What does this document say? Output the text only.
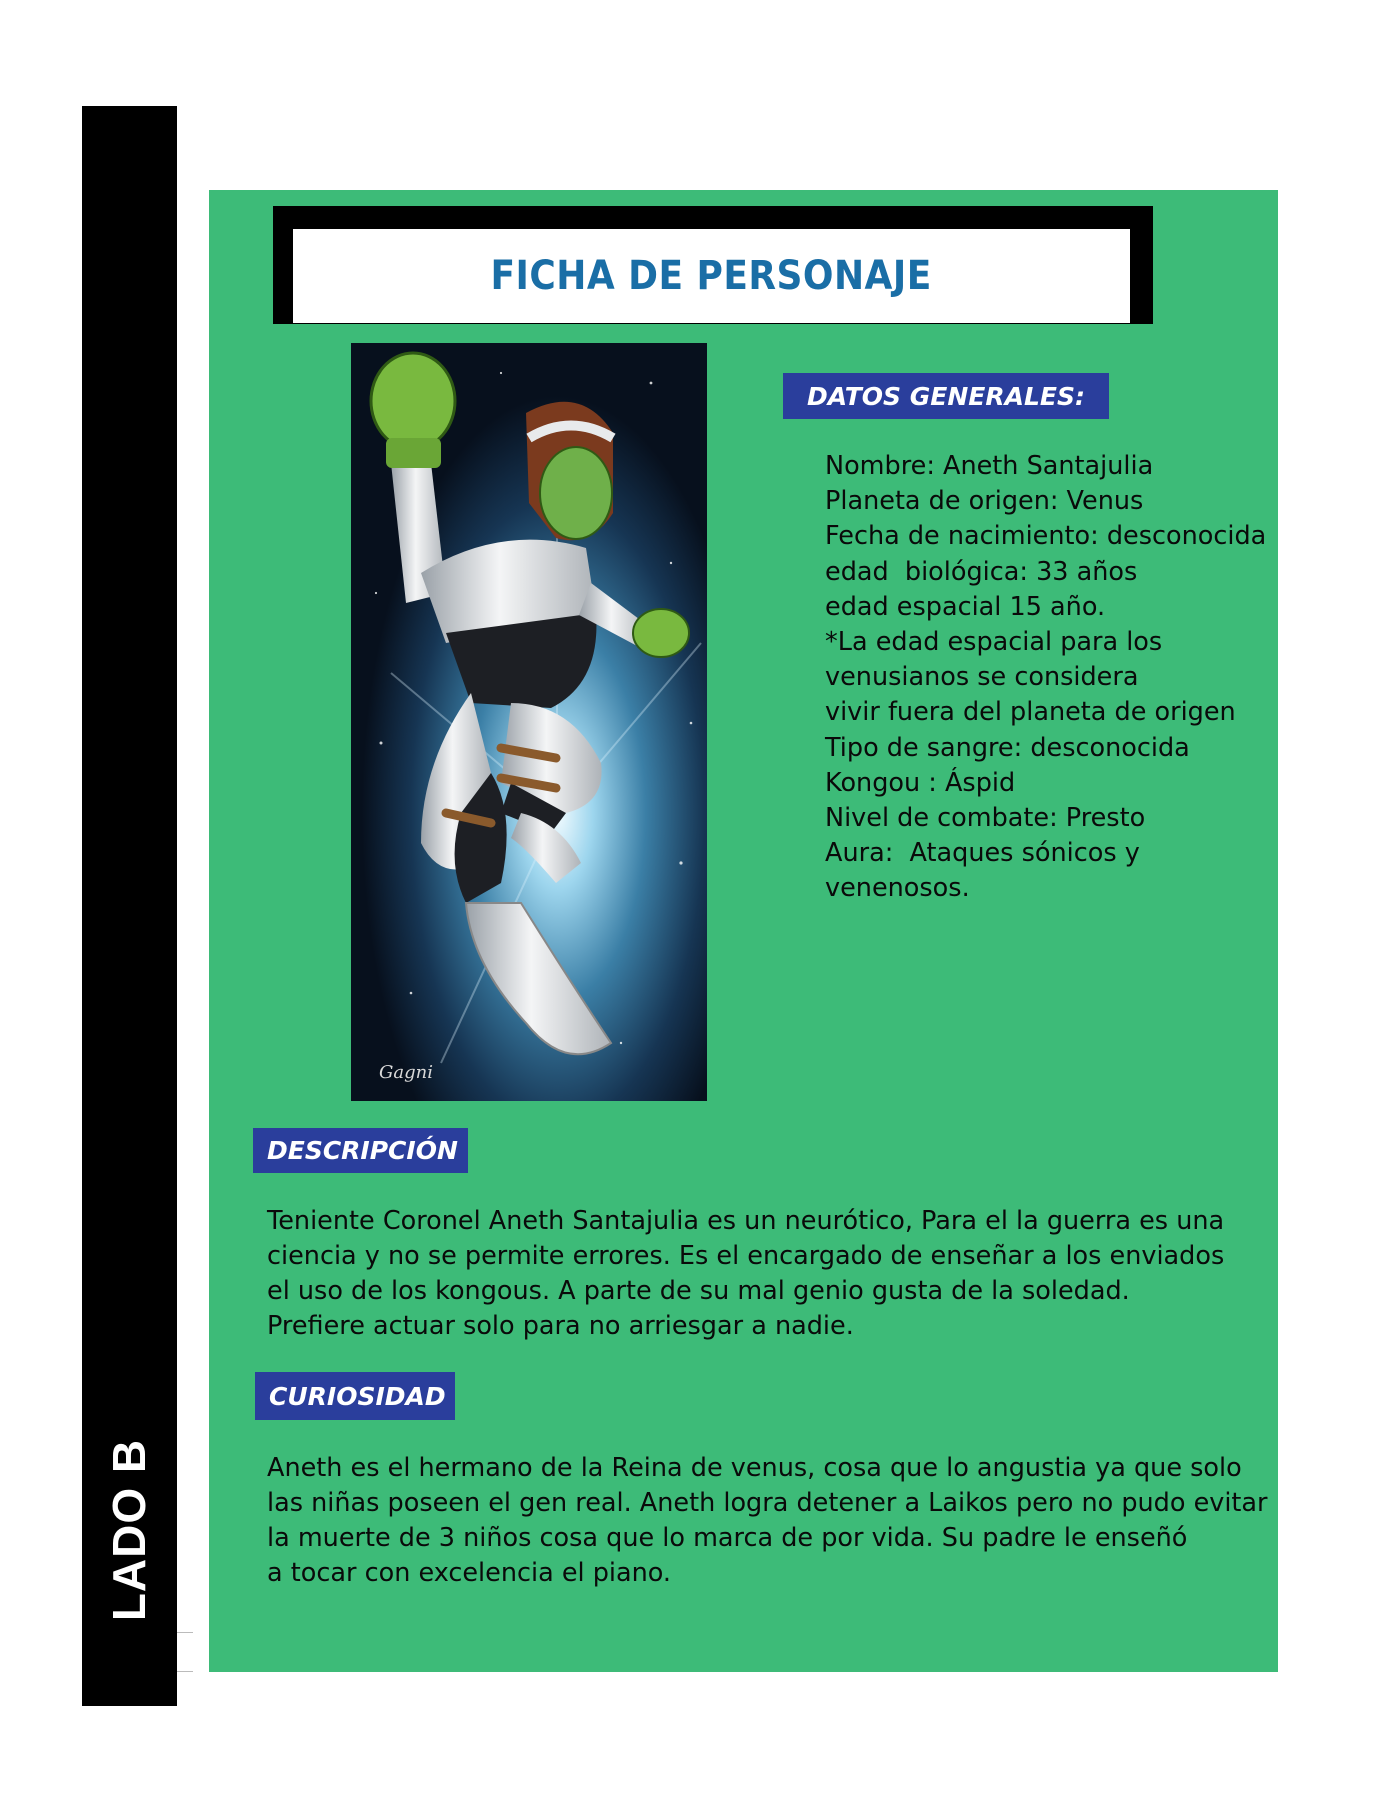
LADO B
FICHA DE PERSONAJE
Gagni
DATOS GENERALES:
Nombre: Aneth Santajulia
Planeta de origen: Venus
Fecha de nacimiento: desconocida
edad  biológica: 33 años
edad espacial 15 año.
*La edad espacial para los
venusianos se considera
vivir fuera del planeta de origen
Tipo de sangre: desconocida
Kongou : Áspid
Nivel de combate: Presto
Aura:  Ataques sónicos y
venenosos.
DESCRIPCIÓN
Teniente Coronel Aneth Santajulia es un neurótico, Para el la guerra es una
ciencia y no se permite errores. Es el encargado de enseñar a los enviados
el uso de los kongous. A parte de su mal genio gusta de la soledad.
Prefiere actuar solo para no arriesgar a nadie.
CURIOSIDAD
Aneth es el hermano de la Reina de venus, cosa que lo angustia ya que solo
las niñas poseen el gen real. Aneth logra detener a Laikos pero no pudo evitar
la muerte de 3 niños cosa que lo marca de por vida. Su padre le enseñó
a tocar con excelencia el piano.
